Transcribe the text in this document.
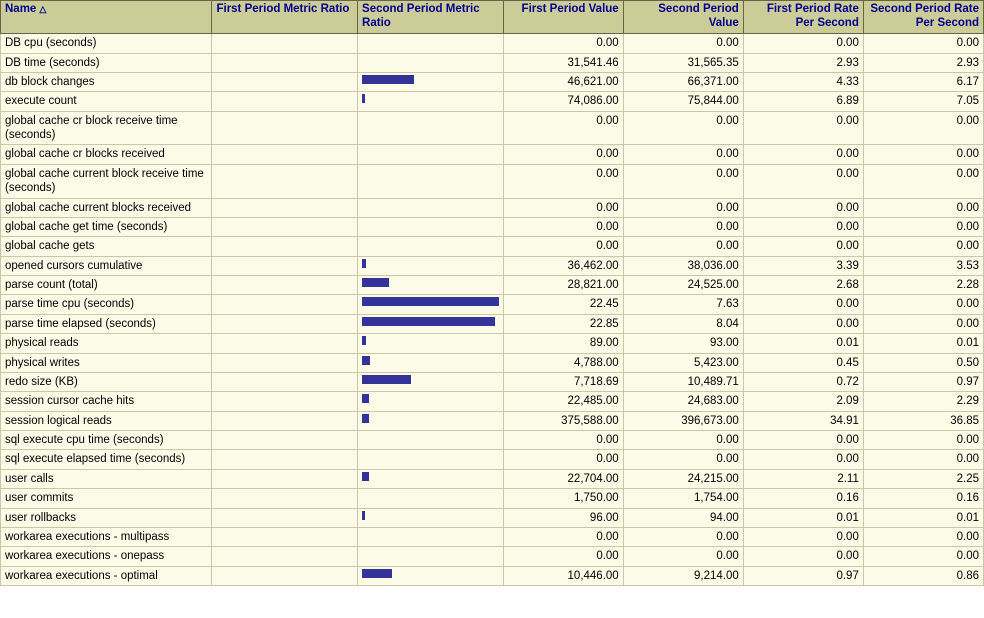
Name △	First Period Metric Ratio	Second Period Metric Ratio	First Period Value	Second Period Value	First Period Rate Per Second	Second Period Rate Per Second
DB cpu (seconds)			0.00	0.00	0.00	0.00
DB time (seconds)			31,541.46	31,565.35	2.93	2.93
db block changes			46,621.00	66,371.00	4.33	6.17
execute count			74,086.00	75,844.00	6.89	7.05
global cache cr block receive time (seconds)			0.00	0.00	0.00	0.00
global cache cr blocks received			0.00	0.00	0.00	0.00
global cache current block receive time (seconds)			0.00	0.00	0.00	0.00
global cache current blocks received			0.00	0.00	0.00	0.00
global cache get time (seconds)			0.00	0.00	0.00	0.00
global cache gets			0.00	0.00	0.00	0.00
opened cursors cumulative			36,462.00	38,036.00	3.39	3.53
parse count (total)			28,821.00	24,525.00	2.68	2.28
parse time cpu (seconds)			22.45	7.63	0.00	0.00
parse time elapsed (seconds)			22.85	8.04	0.00	0.00
physical reads			89.00	93.00	0.01	0.01
physical writes			4,788.00	5,423.00	0.45	0.50
redo size (KB)			7,718.69	10,489.71	0.72	0.97
session cursor cache hits			22,485.00	24,683.00	2.09	2.29
session logical reads			375,588.00	396,673.00	34.91	36.85
sql execute cpu time (seconds)			0.00	0.00	0.00	0.00
sql execute elapsed time (seconds)			0.00	0.00	0.00	0.00
user calls			22,704.00	24,215.00	2.11	2.25
user commits			1,750.00	1,754.00	0.16	0.16
user rollbacks			96.00	94.00	0.01	0.01
workarea executions - multipass			0.00	0.00	0.00	0.00
workarea executions - onepass			0.00	0.00	0.00	0.00
workarea executions - optimal			10,446.00	9,214.00	0.97	0.86
